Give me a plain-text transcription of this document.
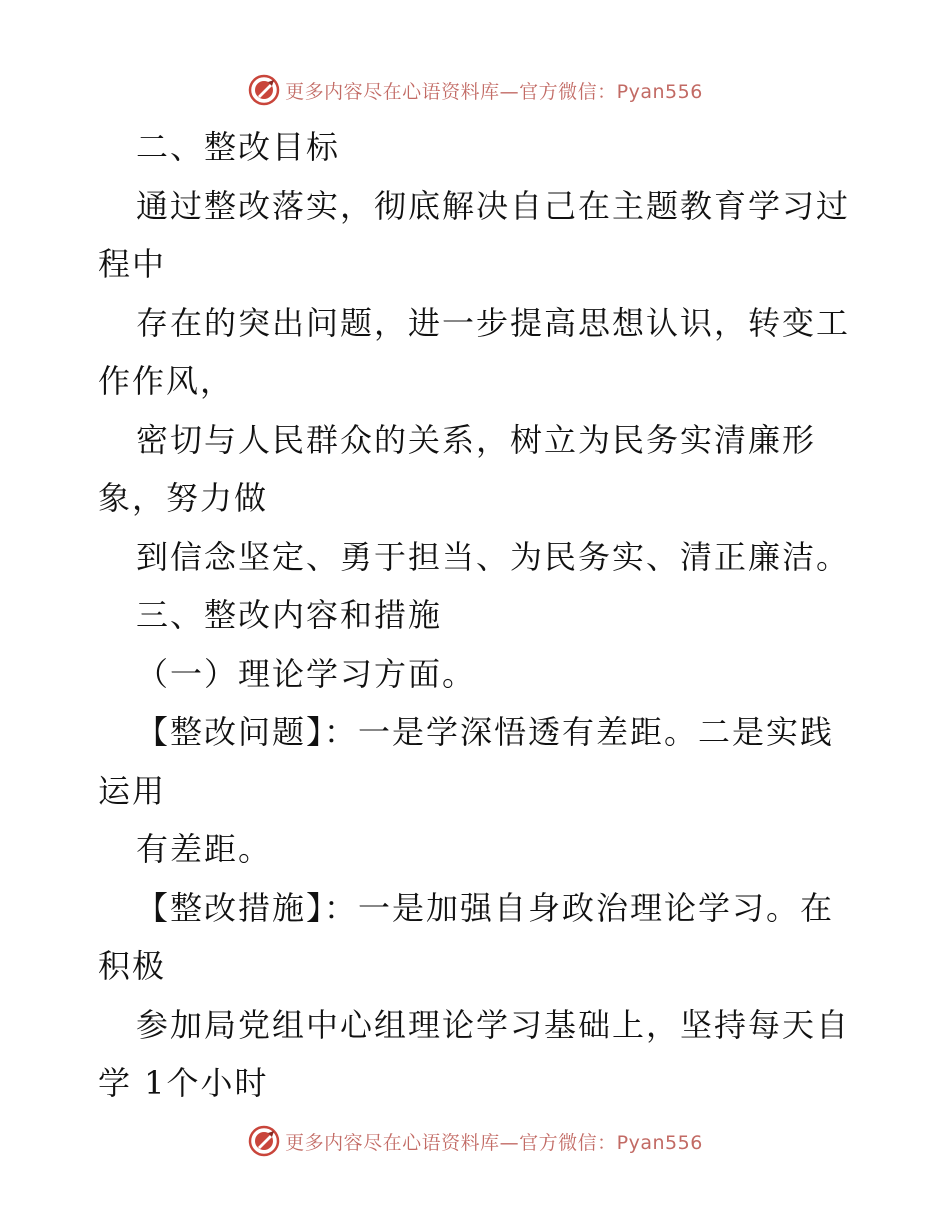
更多内容尽在心语资料库—官方微信：Pyan556
二、整改目标
通过整改落实，彻底解决自己在主题教育学习过
程中
存在的突出问题，进一步提高思想认识，转变工
作作风，
密切与人民群众的关系，树立为民务实清廉形
象，努力做
到信念坚定、勇于担当、为民务实、清正廉洁。
三、整改内容和措施
（一）理论学习方面。
【整改问题】：一是学深悟透有差距。二是实践
运用
有差距。
【整改措施】：一是加强自身政治理论学习。在
积极
参加局党组中心组理论学习基础上，坚持每天自
学 1个小时
更多内容尽在心语资料库—官方微信：Pyan556
